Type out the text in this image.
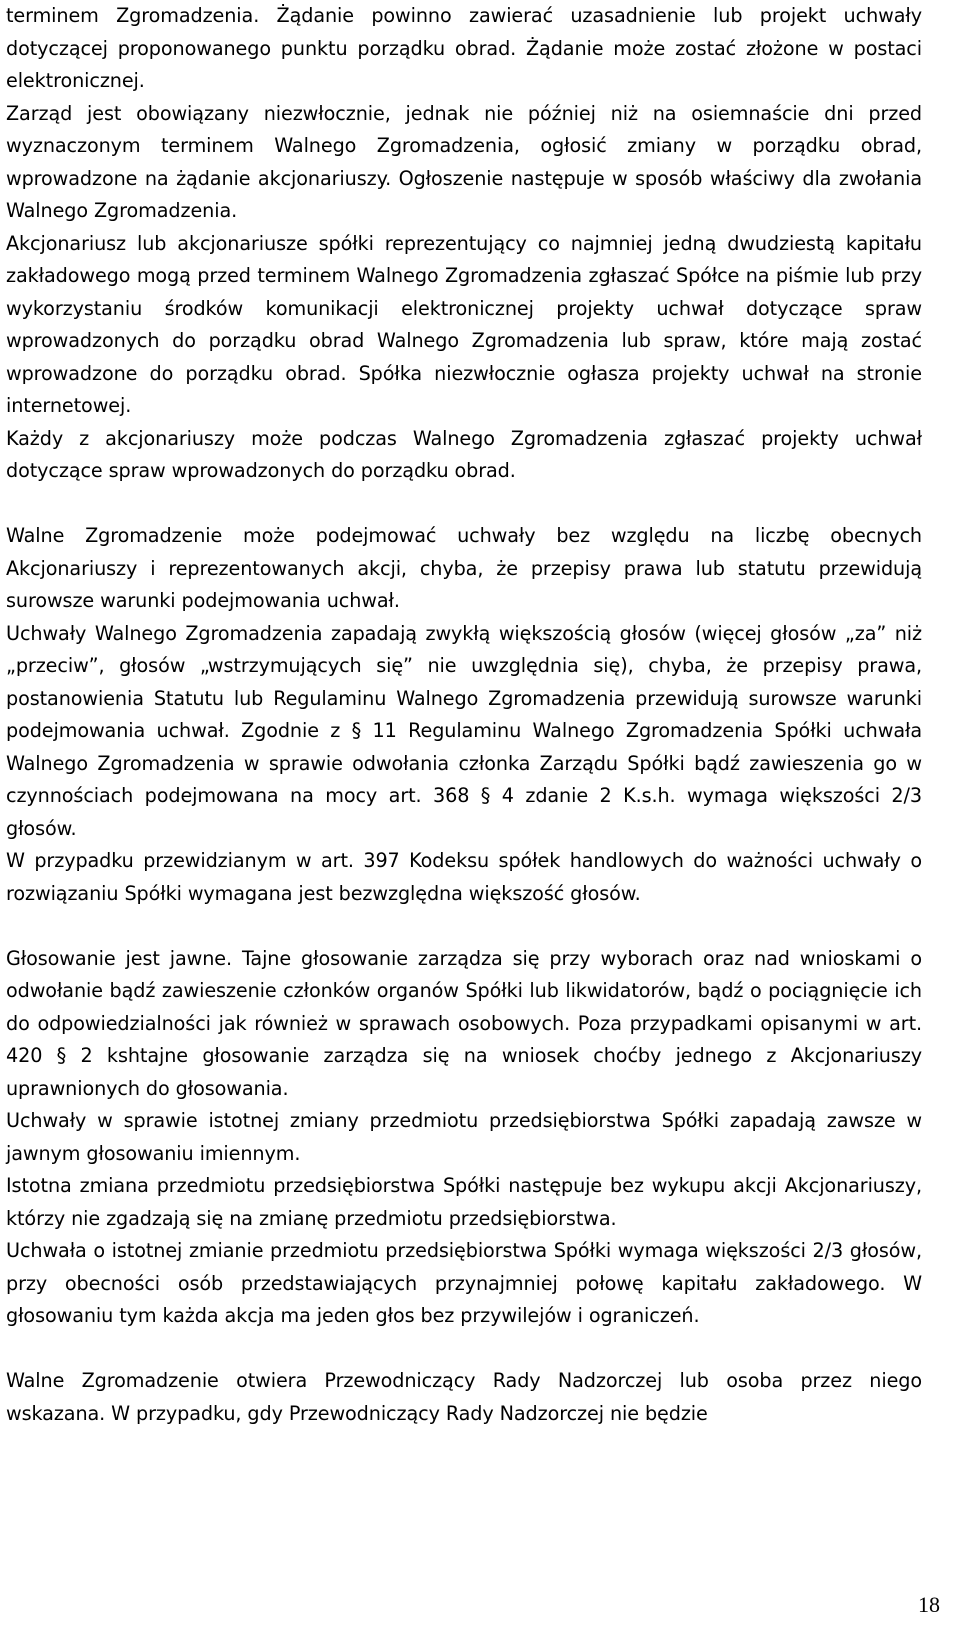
terminem Zgromadzenia. Żądanie powinno zawierać uzasadnienie lub projekt uchwały dotyczącej proponowanego punktu porządku obrad. Żądanie może zostać złożone w postaci elektronicznej.

Zarząd jest obowiązany niezwłocznie, jednak nie później niż na osiemnaście dni przed wyznaczonym terminem Walnego Zgromadzenia, ogłosić zmiany w porządku obrad, wprowadzone na żądanie akcjonariuszy. Ogłoszenie następuje w sposób właściwy dla zwołania Walnego Zgromadzenia.

Akcjonariusz lub akcjonariusze spółki reprezentujący co najmniej jedną dwudziestą kapitału zakładowego mogą przed terminem Walnego Zgromadzenia zgłaszać Spółce na piśmie lub przy wykorzystaniu środków komunikacji elektronicznej projekty uchwał dotyczące spraw wprowadzonych do porządku obrad Walnego Zgromadzenia lub spraw, które mają zostać wprowadzone do porządku obrad. Spółka niezwłocznie ogłasza projekty uchwał na stronie internetowej.

Każdy z akcjonariuszy może podczas Walnego Zgromadzenia zgłaszać projekty uchwał dotyczące spraw wprowadzonych do porządku obrad.

Walne Zgromadzenie może podejmować uchwały bez względu na liczbę obecnych Akcjonariuszy i reprezentowanych akcji, chyba, że przepisy prawa lub statutu przewidują surowsze warunki podejmowania uchwał.

Uchwały Walnego Zgromadzenia zapadają zwykłą większością głosów (więcej głosów „za” niż „przeciw”, głosów „wstrzymujących się” nie uwzględnia się), chyba, że przepisy prawa, postanowienia Statutu lub Regulaminu Walnego Zgromadzenia przewidują surowsze warunki podejmowania uchwał. Zgodnie z § 11 Regulaminu Walnego Zgromadzenia Spółki uchwała Walnego Zgromadzenia w sprawie odwołania członka Zarządu Spółki bądź zawieszenia go w czynnościach podejmowana na mocy art. 368 § 4 zdanie 2 K.s.h. wymaga większości 2/3 głosów.

W przypadku przewidzianym w art. 397 Kodeksu spółek handlowych do ważności uchwały o rozwiązaniu Spółki wymagana jest bezwzględna większość głosów.

Głosowanie jest jawne. Tajne głosowanie zarządza się przy wyborach oraz nad wnioskami o odwołanie bądź zawieszenie członków organów Spółki lub likwidatorów, bądź o pociągnięcie ich do odpowiedzialności jak również w sprawach osobowych. Poza przypadkami opisanymi w art. 420 § 2 kshtajne głosowanie zarządza się na wniosek choćby jednego z Akcjonariuszy uprawnionych do głosowania.

Uchwały w sprawie istotnej zmiany przedmiotu przedsiębiorstwa Spółki zapadają zawsze w jawnym głosowaniu imiennym.

Istotna zmiana przedmiotu przedsiębiorstwa Spółki następuje bez wykupu akcji Akcjonariuszy, którzy nie zgadzają się na zmianę przedmiotu przedsiębiorstwa.

Uchwała o istotnej zmianie przedmiotu przedsiębiorstwa Spółki wymaga większości 2/3 głosów, przy obecności osób przedstawiających przynajmniej połowę kapitału zakładowego. W głosowaniu tym każda akcja ma jeden głos bez przywilejów i ograniczeń.

Walne Zgromadzenie otwiera Przewodniczący Rady Nadzorczej lub osoba przez niego wskazana. W przypadku, gdy Przewodniczący Rady Nadzorczej nie będzie

18
